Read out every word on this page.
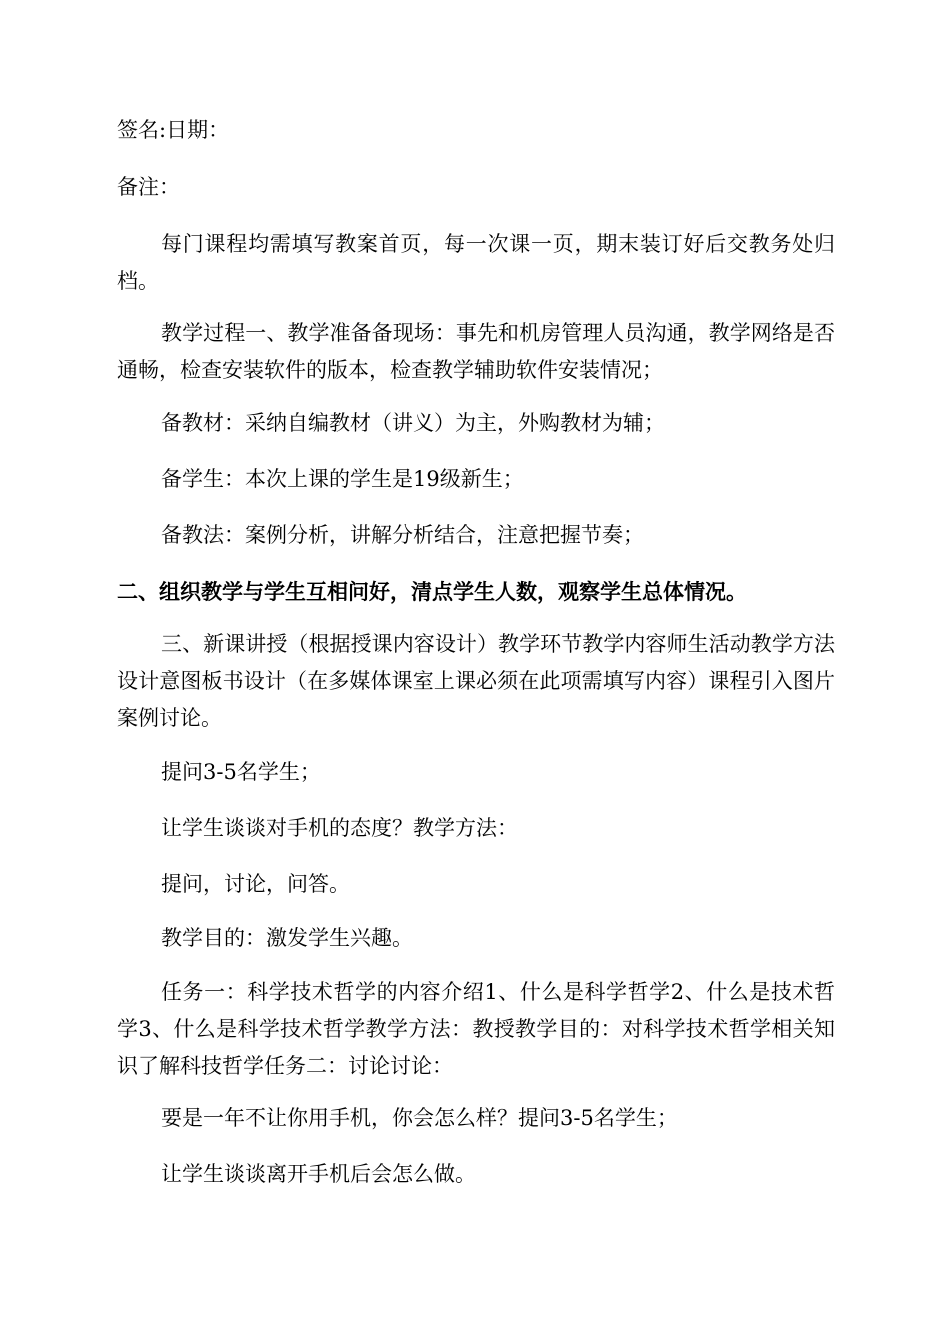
签名:日期：

备注：

每门课程均需填写教案首页，每一次课一页，期末装订好后交教务处归档。

教学过程一、教学准备备现场：事先和机房管理人员沟通，教学网络是否通畅，检查安装软件的版本，检查教学辅助软件安装情况；

备教材：采纳自编教材（讲义）为主，外购教材为辅；

备学生：本次上课的学生是19级新生；

备教法：案例分析，讲解分析结合，注意把握节奏；

二、组织教学与学生互相问好，清点学生人数，观察学生总体情况。

三、新课讲授（根据授课内容设计）教学环节教学内容师生活动教学方法设计意图板书设计（在多媒体课室上课必须在此项需填写内容）课程引入图片案例讨论。

提问3-5名学生；

让学生谈谈对手机的态度？教学方法：

提问，讨论，问答。

教学目的：激发学生兴趣。

任务一：科学技术哲学的内容介绍1、什么是科学哲学2、什么是技术哲学3、什么是科学技术哲学教学方法：教授教学目的：对科学技术哲学相关知识了解科技哲学任务二：讨论讨论：

要是一年不让你用手机，你会怎么样？提问3-5名学生；

让学生谈谈离开手机后会怎么做。
